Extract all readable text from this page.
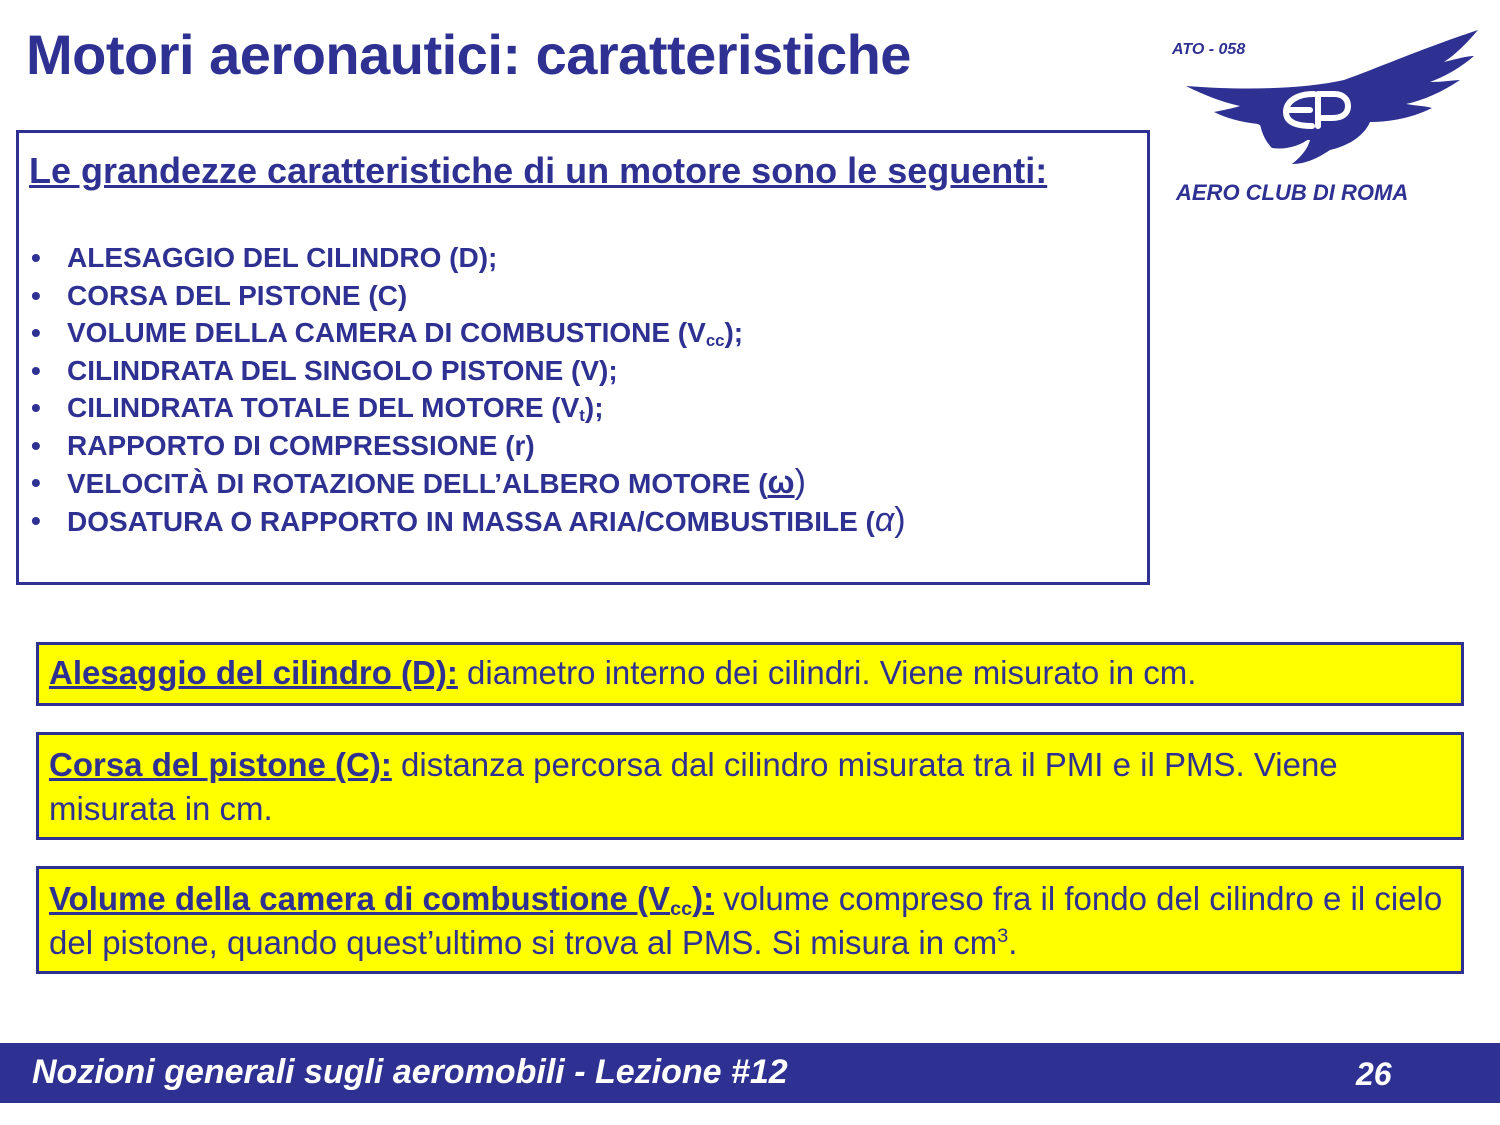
Motori aeronautici: caratteristiche	ATO - 058
AERO CLUB DI ROMA

Le grandezze caratteristiche di un motore sono le seguenti:

• ALESAGGIO DEL CILINDRO (D);
• CORSA DEL PISTONE (C)
• VOLUME DELLA CAMERA DI COMBUSTIONE $(V_{cc})$;
• CILINDRATA DEL SINGOLO PISTONE (V);
• CILINDRATA TOTALE DEL MOTORE $(V_t)$;
• RAPPORTO DI COMPRESSIONE (r)
• VELOCITÀ DI ROTAZIONE DELL’ALBERO MOTORE (ω)
• DOSATURA O RAPPORTO IN MASSA ARIA/COMBUSTIBILE (α)
Alesaggio del cilindro (D): diametro interno dei cilindri. Viene misurato in cm.
Corsa del pistone (C): distanza percorsa dal cilindro misurata tra il PMI e il PMS. Viene misurata in cm.
Volume della camera di combustione $(V_{cc})$: volume compreso fra il fondo del cilindro e il cielo del pistone, quando quest’ultimo si trova al PMS. Si misura in $cm^3$.
Nozioni generali sugli aeromobili - Lezione #12	26
